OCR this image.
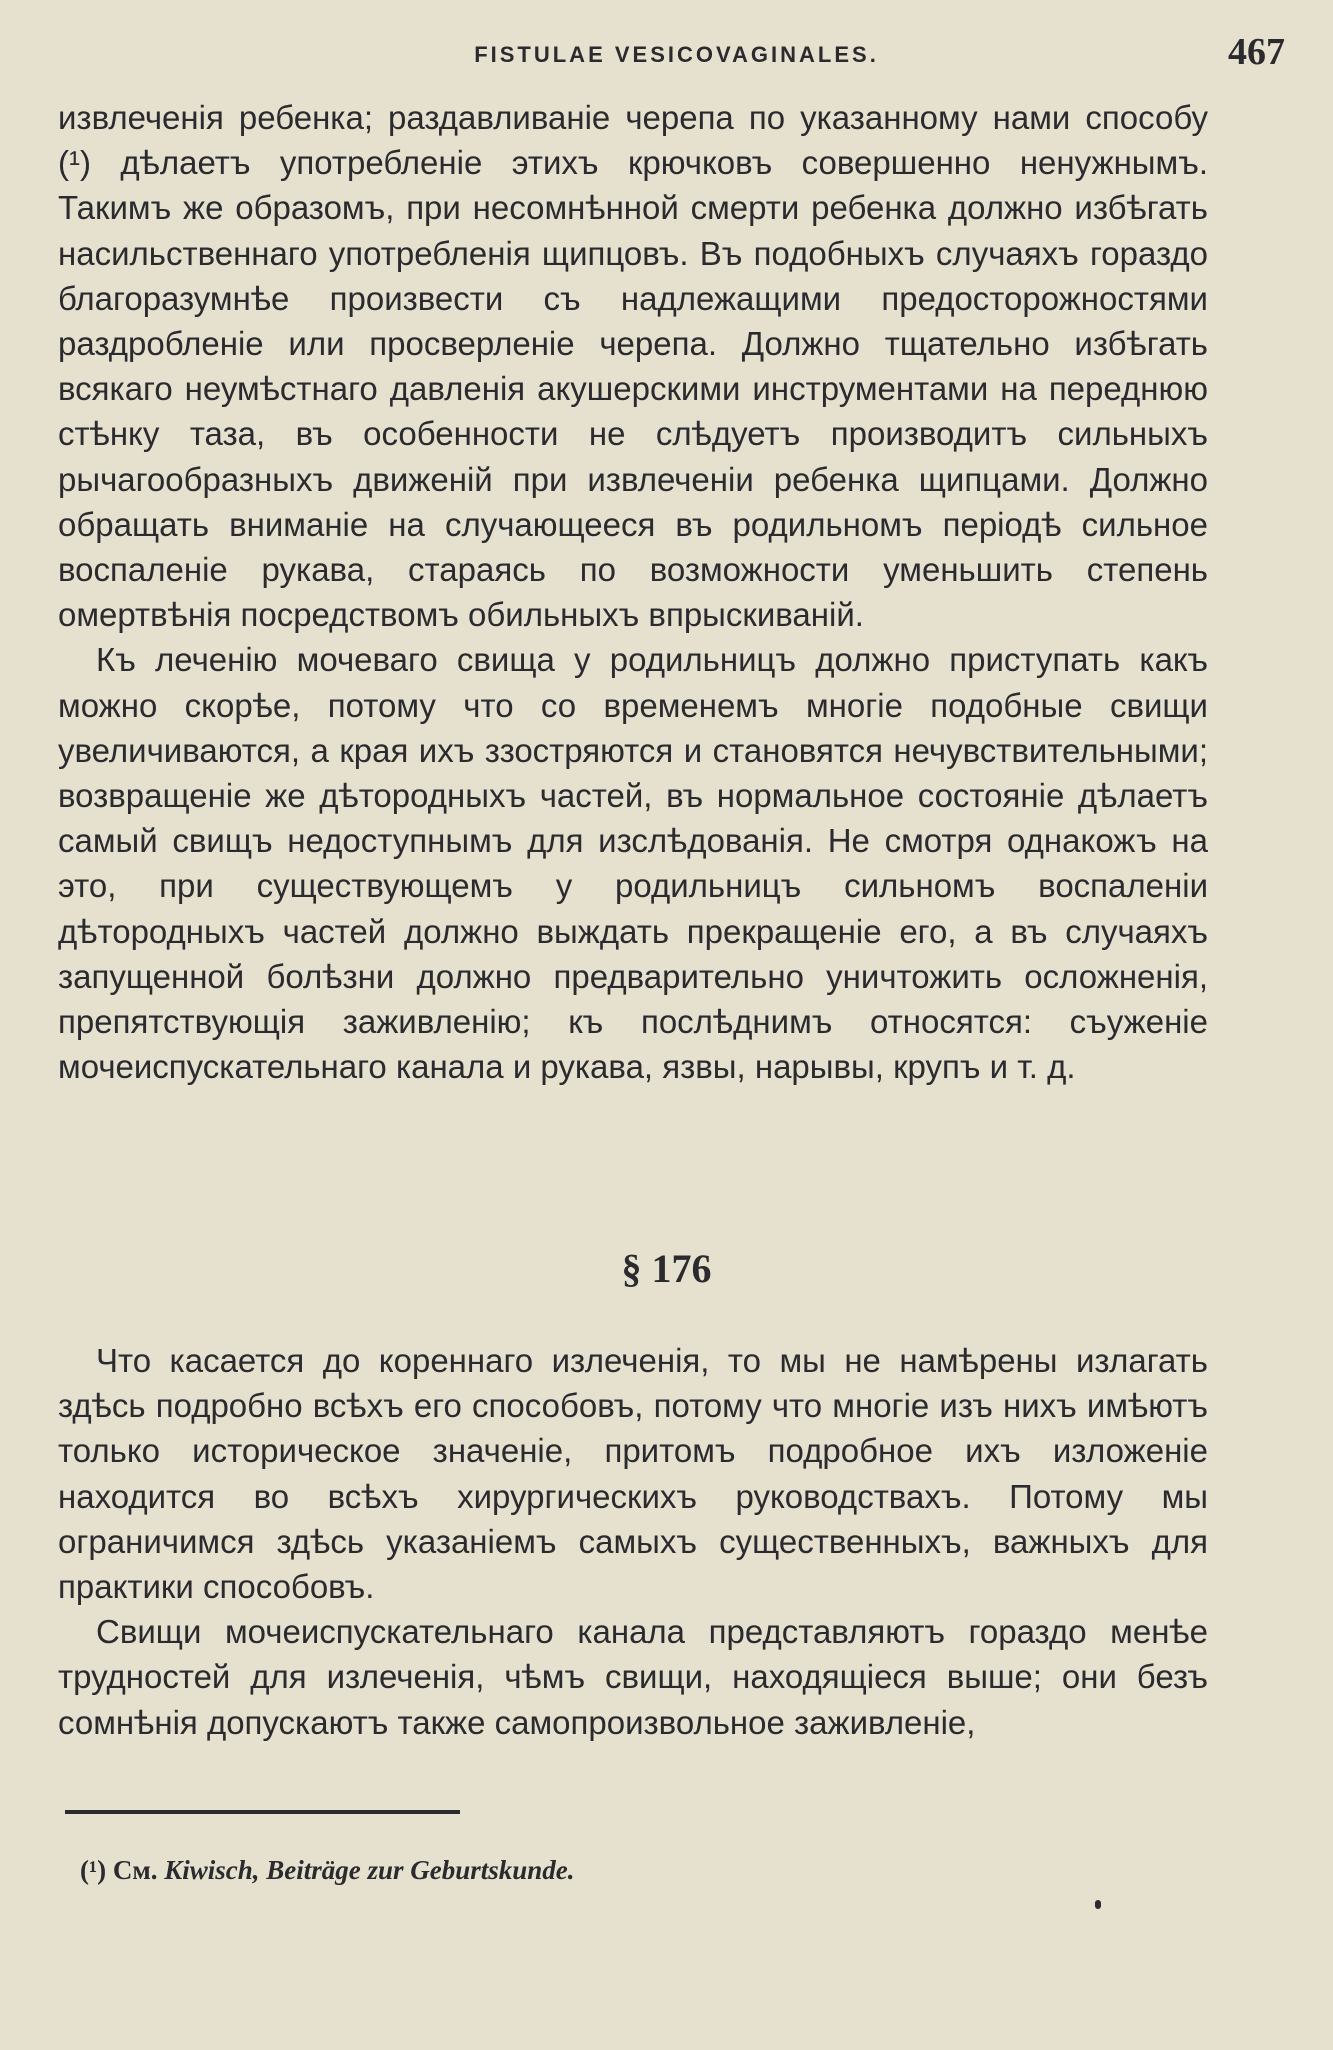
FISTULAE VESICOVAGINALES.	467

извлеченія ребенка; раздавливаніе черепа по указанному нами способу (¹) дѣлаетъ употребленіе этихъ крючковъ совершенно ненужнымъ. Такимъ же образомъ, при несомнѣнной смерти ребенка должно избѣгать насильственнаго употребленія щипцовъ. Въ подобныхъ случаяхъ гораздо благоразумнѣе произвести съ надлежащими предосторожностями раздробленіе или просверленіе черепа. Должно тщательно избѣгать всякаго неумѣстнаго давленія акушерскими инструментами на переднюю стѣнку таза, въ особенности не слѣдуетъ производитъ сильныхъ рычагообразныхъ движеній при извлеченіи ребенка щипцами. Должно обращать вниманіе на случающееся въ родильномъ періодѣ сильное воспаленіе рукава, стараясь по возможности уменьшить степень омертвѣнія посредствомъ обильныхъ впрыскиваній.

Къ леченію мочеваго свища у родильницъ должно приступать какъ можно скорѣе, потому что со временемъ многіе подобные свищи увеличиваются, а края ихъ ззостряются и становятся нечувствительными; возвращеніе же дѣтородныхъ частей, въ нормальное состояніе дѣлаетъ самый свищъ недоступнымъ для изслѣдованія. Не смотря однакожъ на это, при существующемъ у родильницъ сильномъ воспаленіи дѣтородныхъ частей должно выждать прекращеніе его, а въ случаяхъ запущенной болѣзни должно предварительно уничтожить осложненія, препятствующія заживленію; къ послѣднимъ относятся: съуженіе мочеиспускательнаго канала и рукава, язвы, нарывы, крупъ и т. д.

§ 176

Что касается до кореннаго излеченія, то мы не намѣрены излагать здѣсь подробно всѣхъ его способовъ, потому что многіе изъ нихъ имѣютъ только историческое значеніе, притомъ подробное ихъ изложеніе находится во всѣхъ хирургическихъ руководствахъ. Потому мы ограничимся здѣсь указаніемъ самыхъ существенныхъ, важныхъ для практики способовъ.

Свищи мочеиспускательнаго канала представляютъ гораздо менѣе трудностей для излеченія, чѣмъ свищи, находящіеся выше; они безъ сомнѣнія допускаютъ также самопроизвольное заживленіе,

(¹) См. Kiwisch, Beiträge zur Geburtskunde.
